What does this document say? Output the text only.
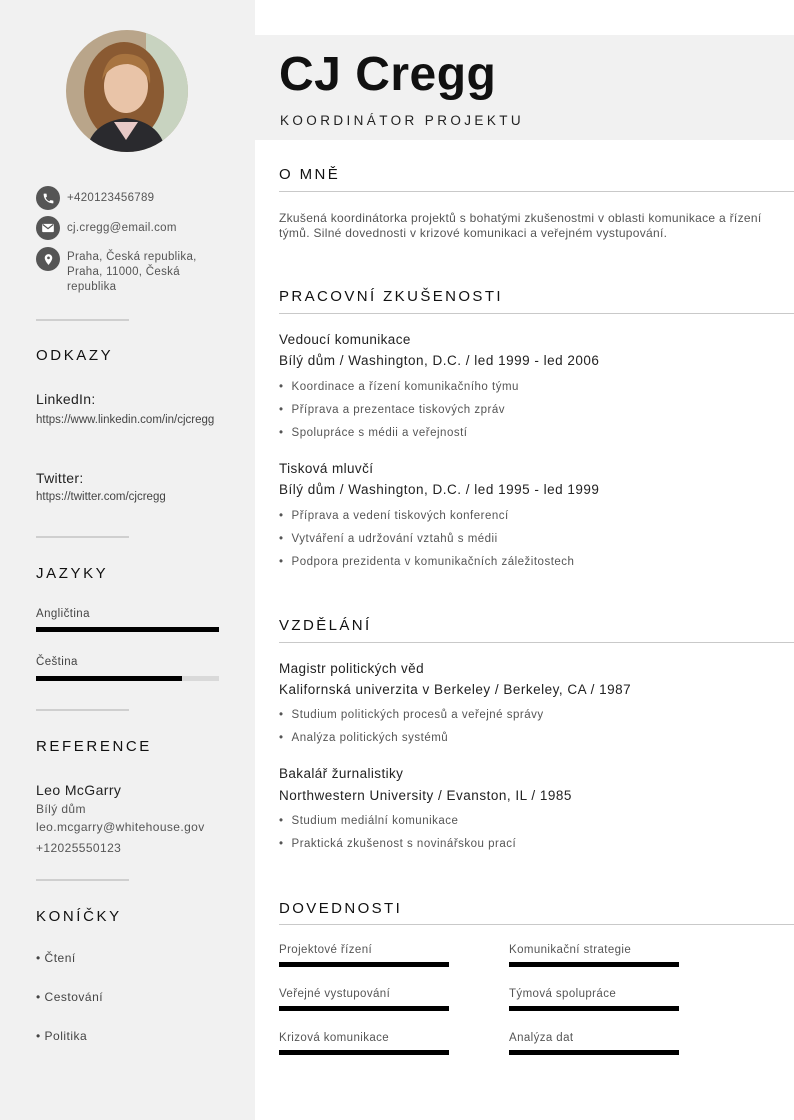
+420123456789
cj.cregg@email.com
Praha, Česká republika, Praha, 11000, Česká republika
ODKAZY
LinkedIn:
https://www.linkedin.com/in/cjcregg
Twitter:
https://twitter.com/cjcregg
JAZYKY
Angličtina
Čeština
REFERENCE
Leo McGarry
Bílý dům
leo.mcgarry@whitehouse.gov
+12025550123
KONÍČKY
• Čtení
• Cestování
• Politika
CJ Cregg
KOORDINÁTOR PROJEKTU
O MNĚ
Zkušená koordinátorka projektů s bohatými zkušenostmi v oblasti komunikace a řízení týmů. Silné dovednosti v krizové komunikaci a veřejném vystupování.
PRACOVNÍ ZKUŠENOSTI
Vedoucí komunikace
Bílý dům / Washington, D.C. / led 1999 - led 2006
• Koordinace a řízení komunikačního týmu
• Příprava a prezentace tiskových zpráv
• Spolupráce s médii a veřejností
Tisková mluvčí
Bílý dům / Washington, D.C. / led 1995 - led 1999
• Příprava a vedení tiskových konferencí
• Vytváření a udržování vztahů s médii
• Podpora prezidenta v komunikačních záležitostech
VZDĚLÁNÍ
Magistr politických věd
Kalifornská univerzita v Berkeley / Berkeley, CA / 1987
• Studium politických procesů a veřejné správy
• Analýza politických systémů
Bakalář žurnalistiky
Northwestern University / Evanston, IL / 1985
• Studium mediální komunikace
• Praktická zkušenost s novinářskou prací
DOVEDNOSTI
Projektové řízení	Komunikační strategie
Veřejné vystupování	Týmová spolupráce
Krizová komunikace	Analýza dat
